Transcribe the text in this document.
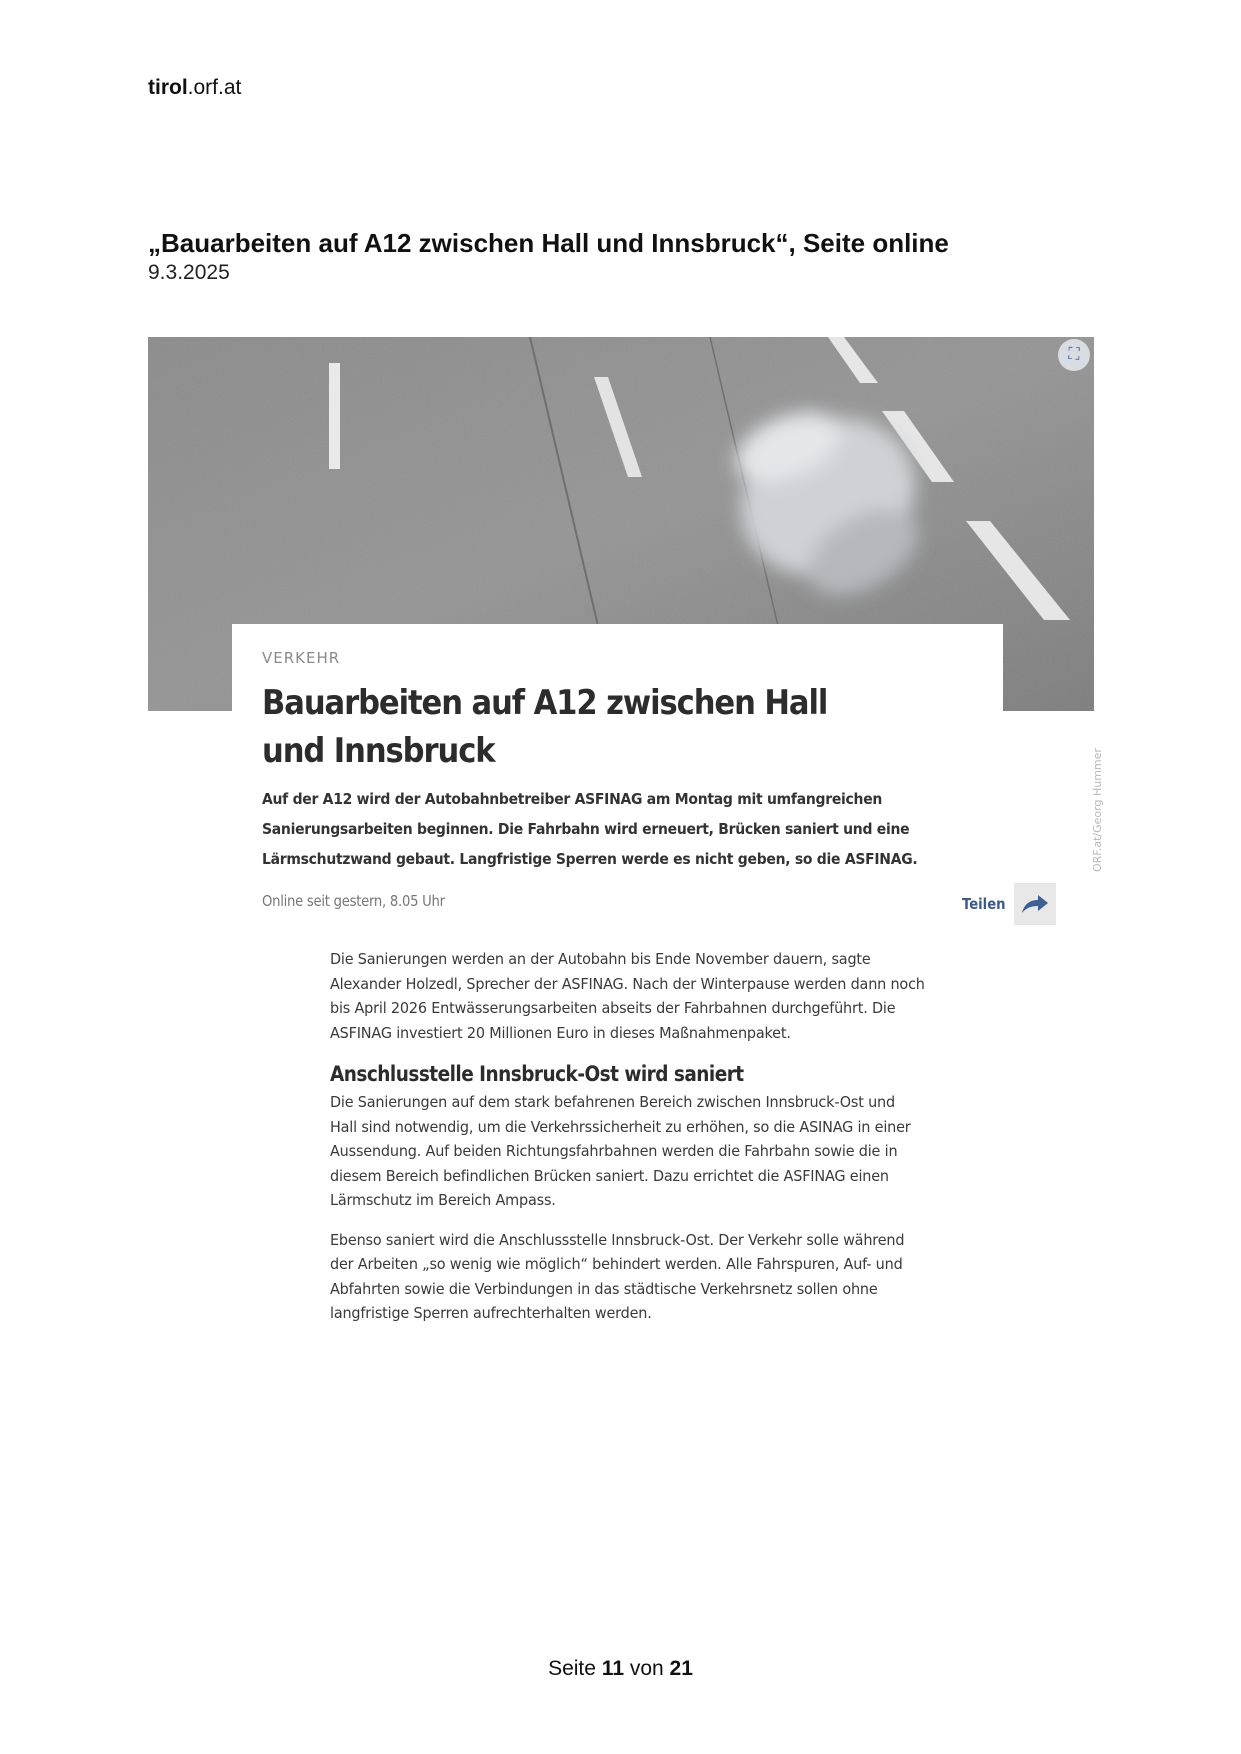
tirol.orf.at
„Bauarbeiten auf A12 zwischen Hall und Innsbruck“, Seite online
9.3.2025
⛶
ORF.at/Georg Hummer
VERKEHR
Bauarbeiten auf A12 zwischen Hall und Innsbruck

Auf der A12 wird der Autobahnbetreiber ASFINAG am Montag mit umfangreichen Sanierungsarbeiten beginnen. Die Fahrbahn wird erneuert, Brücken saniert und eine Lärmschutzwand gebaut. Langfristige Sperren werde es nicht geben, so die ASFINAG.

Online seit gestern, 8.05 Uhr	Teilen

Die Sanierungen werden an der Autobahn bis Ende November dauern, sagte Alexander Holzedl, Sprecher der ASFINAG. Nach der Winterpause werden dann noch bis April 2026 Entwässerungsarbeiten abseits der Fahrbahnen durchgeführt. Die ASFINAG investiert 20 Millionen Euro in dieses Maßnahmenpaket.

Anschlusstelle Innsbruck-Ost wird saniert

Die Sanierungen auf dem stark befahrenen Bereich zwischen Innsbruck-Ost und Hall sind notwendig, um die Verkehrssicherheit zu erhöhen, so die ASINAG in einer Aussendung. Auf beiden Richtungsfahrbahnen werden die Fahrbahn sowie die in diesem Bereich befindlichen Brücken saniert. Dazu errichtet die ASFINAG einen Lärmschutz im Bereich Ampass.

Ebenso saniert wird die Anschlussstelle Innsbruck-Ost. Der Verkehr solle während der Arbeiten „so wenig wie möglich“ behindert werden. Alle Fahrspuren, Auf- und Abfahrten sowie die Verbindungen in das städtische Verkehrsnetz sollen ohne langfristige Sperren aufrechterhalten werden.

Seite 11 von 21
